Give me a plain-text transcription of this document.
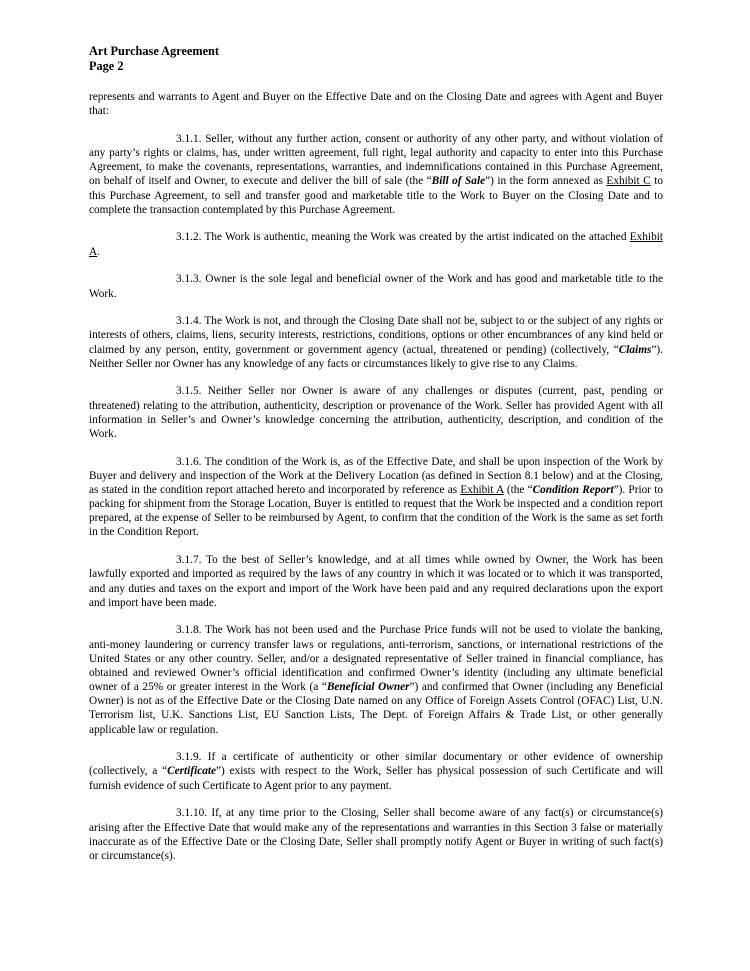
Art Purchase Agreement
Page 2

represents and warrants to Agent and Buyer on the Effective Date and on the Closing Date and agrees with Agent and Buyer that:

3.1.1. Seller, without any further action, consent or authority of any other party, and without violation of any party’s rights or claims, has, under written agreement, full right, legal authority and capacity to enter into this Purchase Agreement, to make the covenants, representations, warranties, and indemnifications contained in this Purchase Agreement, on behalf of itself and Owner, to execute and deliver the bill of sale (the “Bill of Sale”) in the form annexed as Exhibit C to this Purchase Agreement, to sell and transfer good and marketable title to the Work to Buyer on the Closing Date and to complete the transaction contemplated by this Purchase Agreement.

3.1.2. The Work is authentic, meaning the Work was created by the artist indicated on the attached Exhibit A.

3.1.3. Owner is the sole legal and beneficial owner of the Work and has good and marketable title to the Work.

3.1.4. The Work is not, and through the Closing Date shall not be, subject to or the subject of any rights or interests of others, claims, liens, security interests, restrictions, conditions, options or other encumbrances of any kind held or claimed by any person, entity, government or government agency (actual, threatened or pending) (collectively, “Claims”). Neither Seller nor Owner has any knowledge of any facts or circumstances likely to give rise to any Claims.

3.1.5. Neither Seller nor Owner is aware of any challenges or disputes (current, past, pending or threatened) relating to the attribution, authenticity, description or provenance of the Work. Seller has provided Agent with all information in Seller’s and Owner’s knowledge concerning the attribution, authenticity, description, and condition of the Work.

3.1.6. The condition of the Work is, as of the Effective Date, and shall be upon inspection of the Work by Buyer and delivery and inspection of the Work at the Delivery Location (as defined in Section 8.1 below) and at the Closing, as stated in the condition report attached hereto and incorporated by reference as Exhibit A (the “Condition Report”). Prior to packing for shipment from the Storage Location, Buyer is entitled to request that the Work be inspected and a condition report prepared, at the expense of Seller to be reimbursed by Agent, to confirm that the condition of the Work is the same as set forth in the Condition Report.

3.1.7. To the best of Seller’s knowledge, and at all times while owned by Owner, the Work has been lawfully exported and imported as required by the laws of any country in which it was located or to which it was transported, and any duties and taxes on the export and import of the Work have been paid and any required declarations upon the export and import have been made.

3.1.8. The Work has not been used and the Purchase Price funds will not be used to violate the banking, anti-money laundering or currency transfer laws or regulations, anti-terrorism, sanctions, or international restrictions of the United States or any other country. Seller, and/or a designated representative of Seller trained in financial compliance, has obtained and reviewed Owner’s official identification and confirmed Owner’s identity (including any ultimate beneficial owner of a 25% or greater interest in the Work (a “Beneficial Owner”) and confirmed that Owner (including any Beneficial Owner) is not as of the Effective Date or the Closing Date named on any Office of Foreign Assets Control (OFAC) List, U.N. Terrorism list, U.K. Sanctions List, EU Sanction Lists, The Dept. of Foreign Affairs & Trade List, or other generally applicable law or regulation.

3.1.9. If a certificate of authenticity or other similar documentary or other evidence of ownership (collectively, a “Certificate”) exists with respect to the Work, Seller has physical possession of such Certificate and will furnish evidence of such Certificate to Agent prior to any payment.

3.1.10. If, at any time prior to the Closing, Seller shall become aware of any fact(s) or circumstance(s) arising after the Effective Date that would make any of the representations and warranties in this Section 3 false or materially inaccurate as of the Effective Date or the Closing Date, Seller shall promptly notify Agent or Buyer in writing of such fact(s) or circumstance(s).
